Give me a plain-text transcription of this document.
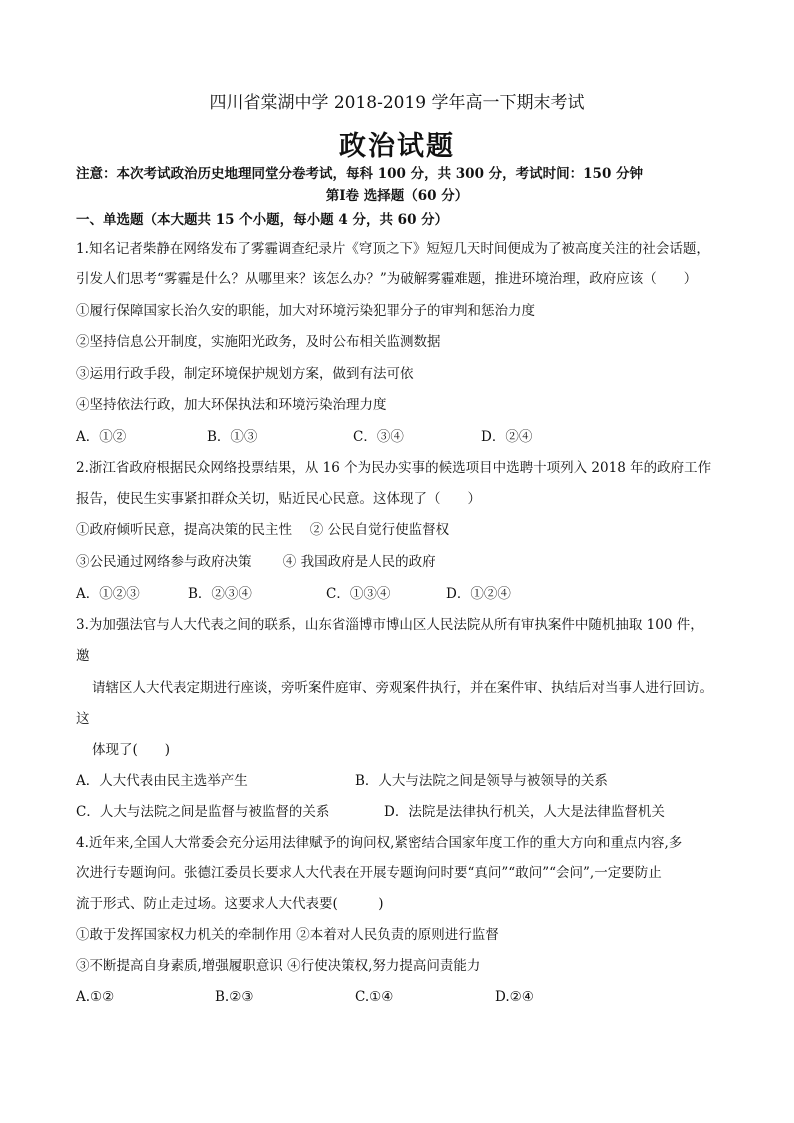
四川省棠湖中学 2018-2019 学年高一下期末考试
政治试题
注意：本次考试政治历史地理同堂分卷考试，每科 100 分，共 300 分，考试时间：150 分钟
第Ⅰ卷 选择题（60 分）
一、单选题（本大题共 15 个小题，每小题 4 分，共 60 分）
1.知名记者柴静在网络发布了雾霾调查纪录片《穹顶之下》短短几天时间便成为了被高度关注的社会话题，
引发人们思考“雾霾是什么？从哪里来？该怎么办？”为破解雾霾难题，推进环境治理，政府应该（　　）
①履行保障国家长治久安的职能，加大对环境污染犯罪分子的审判和惩治力度
②坚持信息公开制度，实施阳光政务，及时公布相关监测数据
③运用行政手段，制定环境保护规划方案，做到有法可依
④坚持依法行政，加大环保执法和环境污染治理力度
A．①②	B．①③	C．③④	D．②④
2.浙江省政府根据民众网络投票结果，从 16 个为民办实事的候选项目中选聘十项列入 2018 年的政府工作
报告，使民生实事紧扣群众关切，贴近民心民意。这体现了（　　）
①政府倾听民意，提高决策的民主性　 ② 公民自觉行使监督权
③公民通过网络参与政府决策　　 ④ 我国政府是人民的政府
A．①②③	B．②③④	C．①③④	D．①②④
3.为加强法官与人大代表之间的联系，山东省淄博市博山区人民法院从所有审执案件中随机抽取 100 件，
邀
请辖区人大代表定期进行座谈，旁听案件庭审、旁观案件执行，并在案件审、执结后对当事人进行回访。
这
体现了(　　)
A．人大代表由民主选举产生	B．人大与法院之间是领导与被领导的关系
C．人大与法院之间是监督与被监督的关系	D．法院是法律执行机关，人大是法律监督机关
4.近年来,全国人大常委会充分运用法律赋予的询问权,紧密结合国家年度工作的重大方向和重点内容,多
次进行专题询问。张德江委员长要求人大代表在开展专题询问时要“真问”“敢问”“会问”,一定要防止
流于形式、防止走过场。这要求人大代表要(　　　)
①敢于发挥国家权力机关的牵制作用 ②本着对人民负责的原则进行监督
③不断提高自身素质,增强履职意识 ④行使决策权,努力提高问责能力
A.①②	B.②③	C.①④	D.②④
